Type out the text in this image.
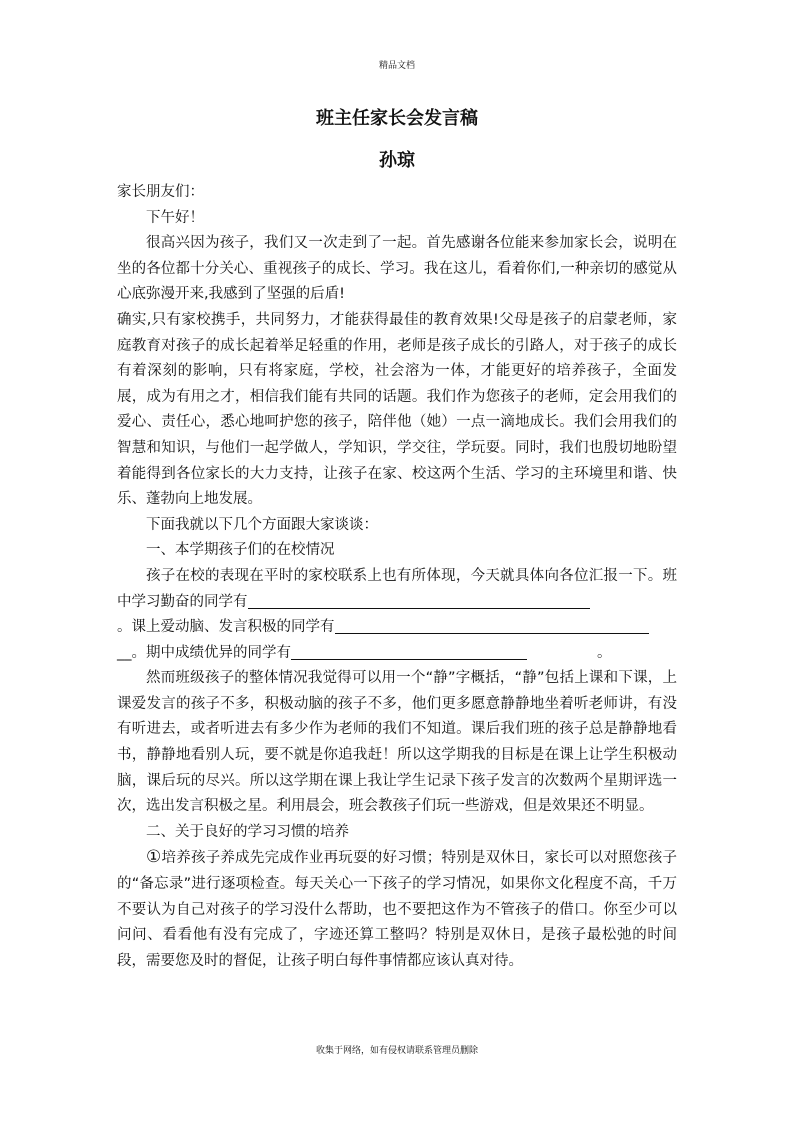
精品文档
班主任家长会发言稿
孙琼

家长朋友们：

下午好！

很高兴因为孩子，我们又一次走到了一起。首先感谢各位能来参加家长会，说明在坐的各位都十分关心、重视孩子的成长、学习。我在这儿，看着你们,一种亲切的感觉从心底弥漫开来,我感到了坚强的后盾!

确实,只有家校携手，共同努力，才能获得最佳的教育效果!父母是孩子的启蒙老师，家庭教育对孩子的成长起着举足轻重的作用，老师是孩子成长的引路人，对于孩子的成长有着深刻的影响，只有将家庭，学校，社会溶为一体，才能更好的培养孩子，全面发展，成为有用之才，相信我们能有共同的话题。我们作为您孩子的老师，定会用我们的爱心、责任心，悉心地呵护您的孩子，陪伴他（她）一点一滴地成长。我们会用我们的智慧和知识，与他们一起学做人，学知识，学交往，学玩耍。同时，我们也殷切地盼望着能得到各位家长的大力支持，让孩子在家、校这两个生活、学习的主环境里和谐、快乐、蓬勃向上地发展。

下面我就以下几个方面跟大家谈谈：

一、本学期孩子们的在校情况

孩子在校的表现在平时的家校联系上也有所体现，今天就具体向各位汇报一下。班中学习勤奋的同学有

。课上爱动脑、发言积极的同学有

__。期中成绩优异的同学有	。

然而班级孩子的整体情况我觉得可以用一个“静”字概括，“静”包括上课和下课，上课爱发言的孩子不多，积极动脑的孩子不多，他们更多愿意静静地坐着听老师讲，有没有听进去，或者听进去有多少作为老师的我们不知道。课后我们班的孩子总是静静地看书，静静地看别人玩，要不就是你追我赶！所以这学期我的目标是在课上让学生积极动脑，课后玩的尽兴。所以这学期在课上我让学生记录下孩子发言的次数两个星期评选一次，选出发言积极之星。利用晨会，班会教孩子们玩一些游戏，但是效果还不明显。

二、关于良好的学习习惯的培养

①培养孩子养成先完成作业再玩耍的好习惯；特别是双休日，家长可以对照您孩子的“备忘录”进行逐项检查。每天关心一下孩子的学习情况，如果你文化程度不高，千万不要认为自己对孩子的学习没什么帮助，也不要把这作为不管孩子的借口。你至少可以问问、看看他有没有完成了，字迹还算工整吗？特别是双休日，是孩子最松弛的时间段，需要您及时的督促，让孩子明白每件事情都应该认真对待。

收集于网络，如有侵权请联系管理员删除
